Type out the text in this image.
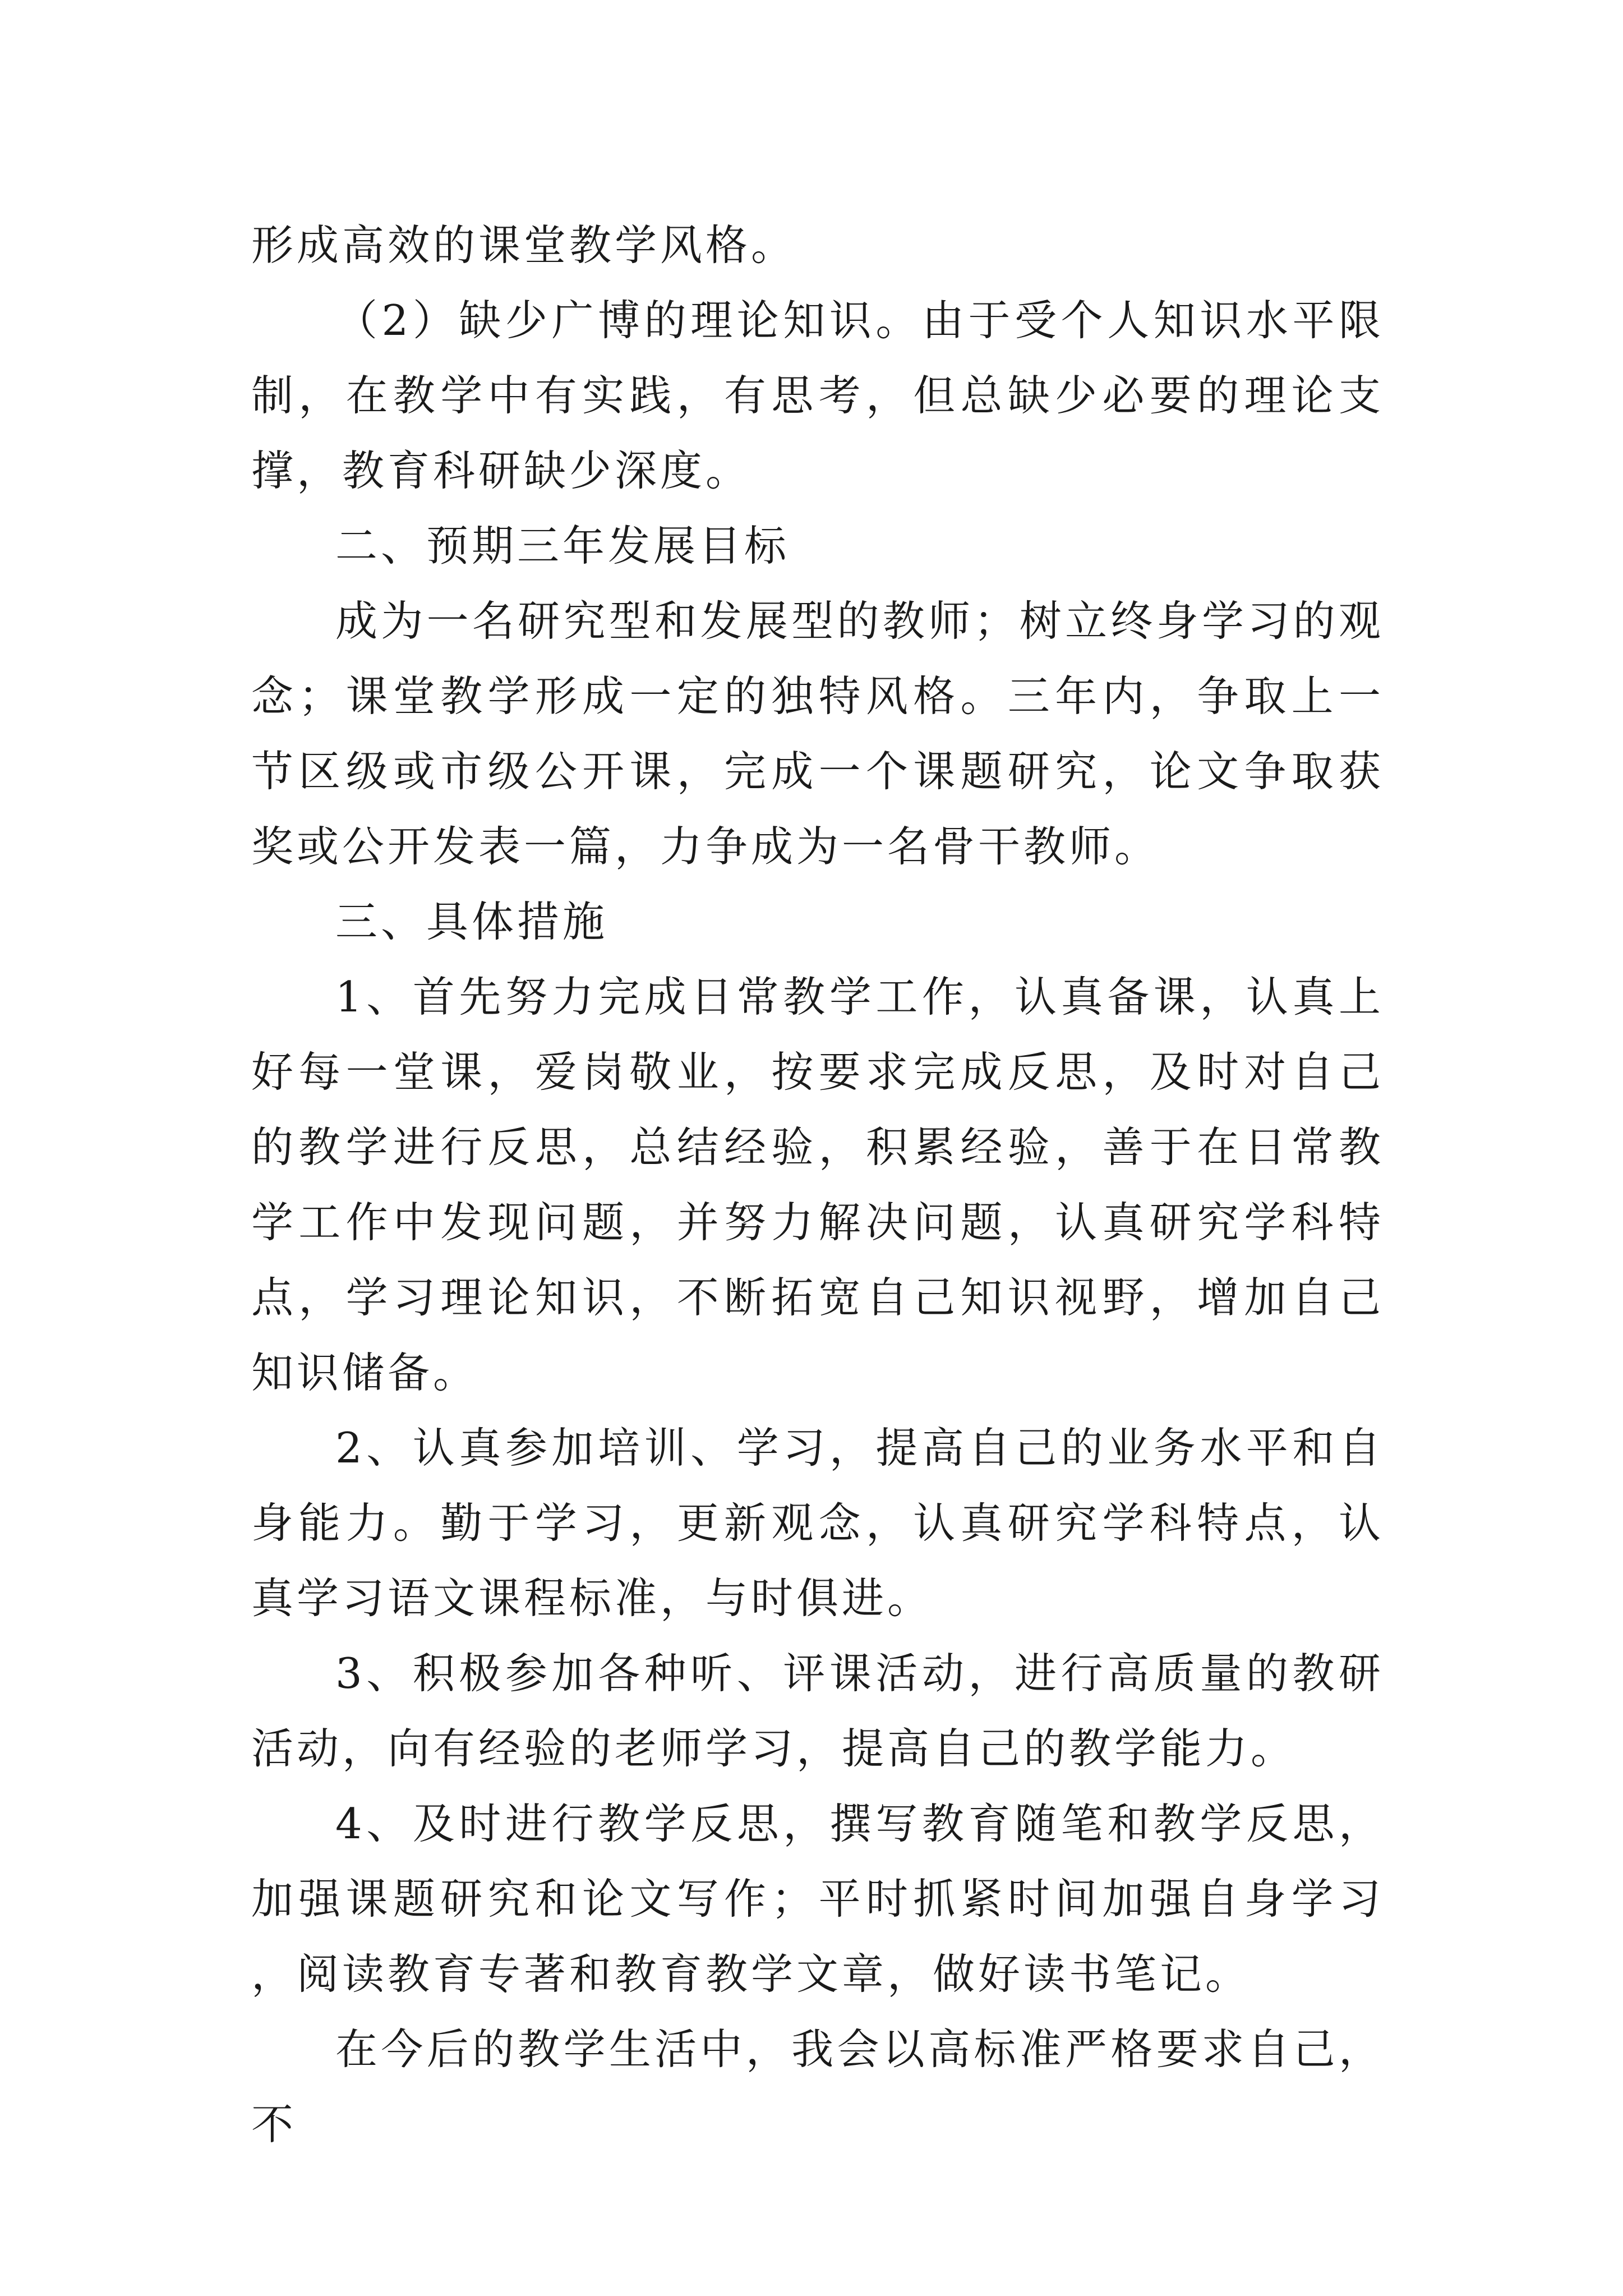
形成高效的课堂教学风格。

（2）缺少广博的理论知识。由于受个人知识水平限制，在教学中有实践，有思考，但总缺少必要的理论支撑，教育科研缺少深度。

二、预期三年发展目标

成为一名研究型和发展型的教师；树立终身学习的观念；课堂教学形成一定的独特风格。三年内，争取上一节区级或市级公开课，完成一个课题研究，论文争取获奖或公开发表一篇，力争成为一名骨干教师。

三、具体措施

1、首先努力完成日常教学工作，认真备课，认真上好每一堂课，爱岗敬业，按要求完成反思，及时对自己的教学进行反思，总结经验，积累经验，善于在日常教学工作中发现问题，并努力解决问题，认真研究学科特点，学习理论知识，不断拓宽自己知识视野，增加自己知识储备。

2、认真参加培训、学习，提高自己的业务水平和自身能力。勤于学习，更新观念，认真研究学科特点，认真学习语文课程标准，与时俱进。

3、积极参加各种听、评课活动，进行高质量的教研活动，向有经验的老师学习，提高自己的教学能力。

4、及时进行教学反思，撰写教育随笔和教学反思，加强课题研究和论文写作；平时抓紧时间加强自身学习，阅读教育专著和教育教学文章，做好读书笔记。

在今后的教学生活中，我会以高标准严格要求自己，不
